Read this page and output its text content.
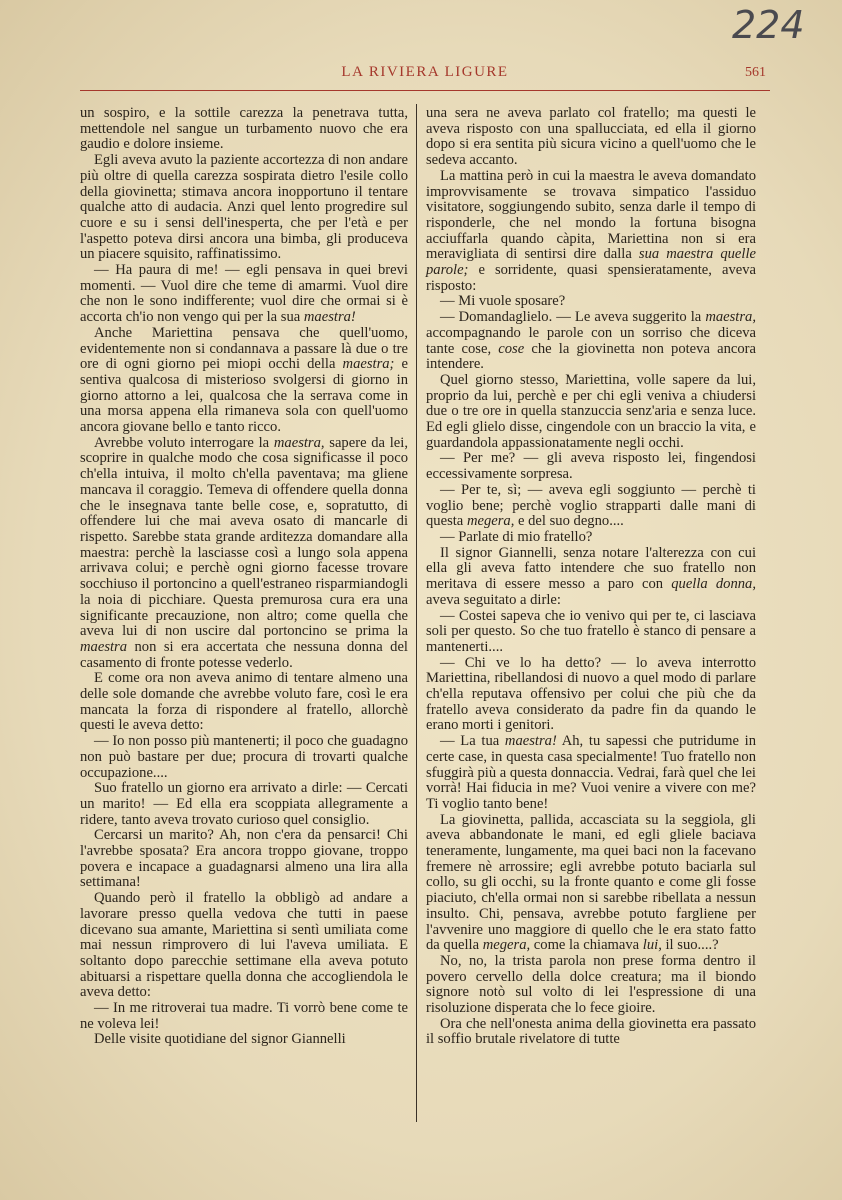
224
LA RIVIERA LIGURE	561

un sospiro, e la sottile carezza la penetrava tutta, mettendole nel sangue un turbamento nuovo che era gaudio e dolore insieme.

Egli aveva avuto la paziente accortezza di non andare più oltre di quella carezza sospirata dietro l'esile collo della giovinetta; stimava ancora inopportuno il tentare qualche atto di audacia. Anzi quel lento progredire sul cuore e su i sensi dell'inesperta, che per l'età e per l'aspetto poteva dirsi ancora una bimba, gli produceva un piacere squisito, raffinatissimo.

— Ha paura di me! — egli pensava in quei brevi momenti. — Vuol dire che teme di amarmi. Vuol dire che non le sono indifferente; vuol dire che ormai si è accorta ch'io non vengo qui per la sua maestra!

Anche Mariettina pensava che quell'uomo, evidentemente non si condannava a passare là due o tre ore di ogni giorno pei miopi occhi della maestra; e sentiva qualcosa di misterioso svolgersi di giorno in giorno attorno a lei, qualcosa che la serrava come in una morsa appena ella rimaneva sola con quell'uomo ancora giovane bello e tanto ricco.

Avrebbe voluto interrogare la maestra, sapere da lei, scoprire in qualche modo che cosa significasse il poco ch'ella intuiva, il molto ch'ella paventava; ma gliene mancava il coraggio. Temeva di offendere quella donna che le insegnava tante belle cose, e, sopratutto, di offendere lui che mai aveva osato di mancarle di rispetto. Sarebbe stata grande arditezza domandare alla maestra: perchè la lasciasse così a lungo sola appena arrivava colui; e perchè ogni giorno facesse trovare socchiuso il portoncino a quell'estraneo risparmiandogli la noia di picchiare. Questa premurosa cura era una significante precauzione, non altro; come quella che aveva lui di non uscire dal portoncino se prima la maestra non si era accertata che nessuna donna del casamento di fronte potesse vederlo.

E come ora non aveva animo di tentare almeno una delle sole domande che avrebbe voluto fare, così le era mancata la forza di rispondere al fratello, allorchè questi le aveva detto:

— Io non posso più mantenerti; il poco che guadagno non può bastare per due; procura di trovarti qualche occupazione....

Suo fratello un giorno era arrivato a dirle: — Cercati un marito! — Ed ella era scoppiata allegramente a ridere, tanto aveva trovato curioso quel consiglio.

Cercarsi un marito? Ah, non c'era da pensarci! Chi l'avrebbe sposata? Era ancora troppo giovane, troppo povera e incapace a guadagnarsi almeno una lira alla settimana!

Quando però il fratello la obbligò ad andare a lavorare presso quella vedova che tutti in paese dicevano sua amante, Mariettina si sentì umiliata come mai nessun rimprovero di lui l'aveva umiliata. E soltanto dopo parecchie settimane ella aveva potuto abituarsi a rispettare quella donna che accogliendola le aveva detto:

— In me ritroverai tua madre. Ti vorrò bene come te ne voleva lei!

Delle visite quotidiane del signor Giannelli

una sera ne aveva parlato col fratello; ma questi le aveva risposto con una spallucciata, ed ella il giorno dopo si era sentita più sicura vicino a quell'uomo che le sedeva accanto.

La mattina però in cui la maestra le aveva domandato improvvisamente se trovava simpatico l'assiduo visitatore, soggiungendo subito, senza darle il tempo di risponderle, che nel mondo la fortuna bisogna acciuffarla quando càpita, Mariettina non si era meravigliata di sentirsi dire dalla sua maestra quelle parole; e sorridente, quasi spensieratamente, aveva risposto:

— Mi vuole sposare?

— Domandaglielo. — Le aveva suggerito la maestra, accompagnando le parole con un sorriso che diceva tante cose, cose che la giovinetta non poteva ancora intendere.

Quel giorno stesso, Mariettina, volle sapere da lui, proprio da lui, perchè e per chi egli veniva a chiudersi due o tre ore in quella stanzuccia senz'aria e senza luce. Ed egli glielo disse, cingendole con un braccio la vita, e guardandola appassionatamente negli occhi.

— Per me? — gli aveva risposto lei, fingendosi eccessivamente sorpresa.

— Per te, sì; — aveva egli soggiunto — perchè ti voglio bene; perchè voglio strapparti dalle mani di questa megera, e del suo degno....

— Parlate di mio fratello?

Il signor Giannelli, senza notare l'alterezza con cui ella gli aveva fatto intendere che suo fratello non meritava di essere messo a paro con quella donna, aveva seguitato a dirle:

— Costei sapeva che io venivo qui per te, ci lasciava soli per questo. So che tuo fratello è stanco di pensare a mantenerti....

— Chi ve lo ha detto? — lo aveva interrotto Mariettina, ribellandosi di nuovo a quel modo di parlare ch'ella reputava offensivo per colui che più che da fratello aveva considerato da padre fin da quando le erano morti i genitori.

— La tua maestra! Ah, tu sapessi che putridume in certe case, in questa casa specialmente! Tuo fratello non sfuggirà più a questa donnaccia. Vedrai, farà quel che lei vorrà! Hai fiducia in me? Vuoi venire a vivere con me? Ti voglio tanto bene!

La giovinetta, pallida, accasciata su la seggiola, gli aveva abbandonate le mani, ed egli gliele baciava teneramente, lungamente, ma quei baci non la facevano fremere nè arrossire; egli avrebbe potuto baciarla sul collo, su gli occhi, su la fronte quanto e come gli fosse piaciuto, ch'ella ormai non si sarebbe ribellata a nessun insulto. Chi, pensava, avrebbe potuto fargliene per l'avvenire uno maggiore di quello che le era stato fatto da quella megera, come la chiamava lui, il suo....?

No, no, la trista parola non prese forma dentro il povero cervello della dolce creatura; ma il biondo signore notò sul volto di lei l'espressione di una risoluzione disperata che lo fece gioire.

Ora che nell'onesta anima della giovinetta era passato il soffio brutale rivelatore di tutte
